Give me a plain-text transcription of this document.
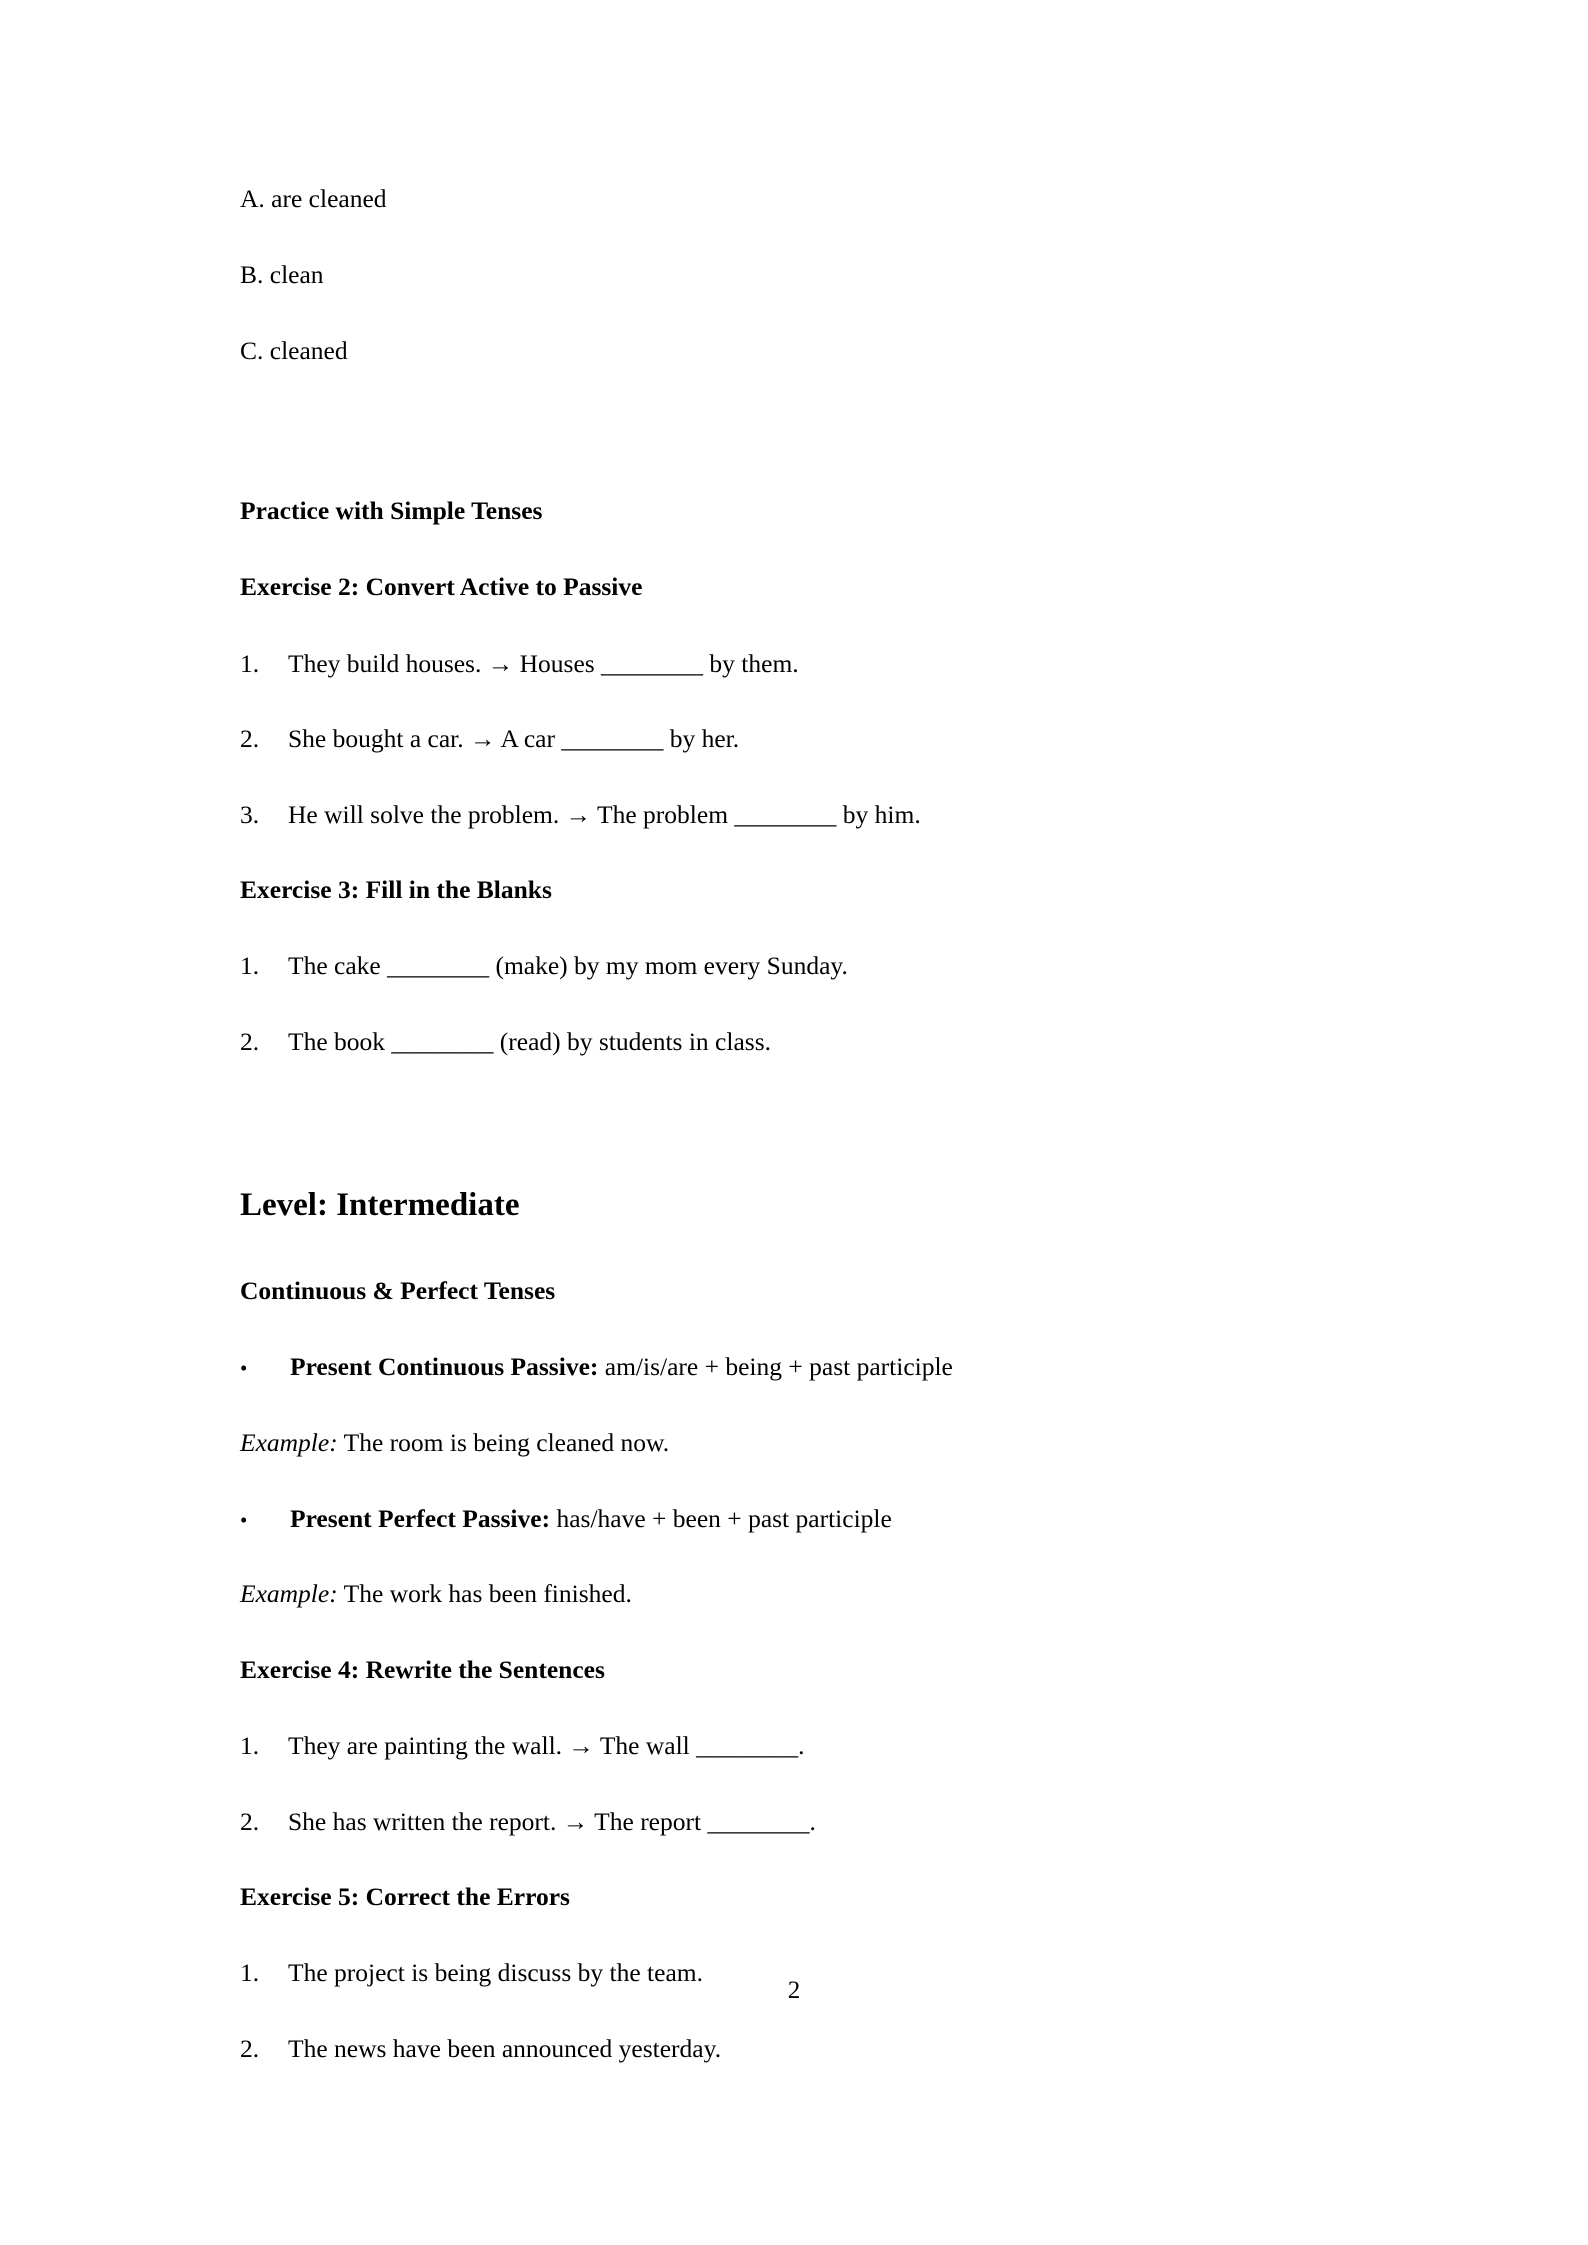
A. are cleaned
B. clean
C. cleaned
Practice with Simple Tenses
Exercise 2: Convert Active to Passive
1.	They build houses. → Houses ________ by them.
2.	She bought a car. → A car ________ by her.
3.	He will solve the problem. → The problem ________ by him.
Exercise 3: Fill in the Blanks
1.	The cake ________ (make) by my mom every Sunday.
2.	The book ________ (read) by students in class.
Level: Intermediate
Continuous & Perfect Tenses
•	Present Continuous Passive: am/is/are + being + past participle
Example: The room is being cleaned now.
•	Present Perfect Passive: has/have + been + past participle
Example: The work has been finished.
Exercise 4: Rewrite the Sentences
1.	They are painting the wall. → The wall ________.
2.	She has written the report. → The report ________.
Exercise 5: Correct the Errors
1.	The project is being discuss by the team.
2.	The news have been announced yesterday.
2
